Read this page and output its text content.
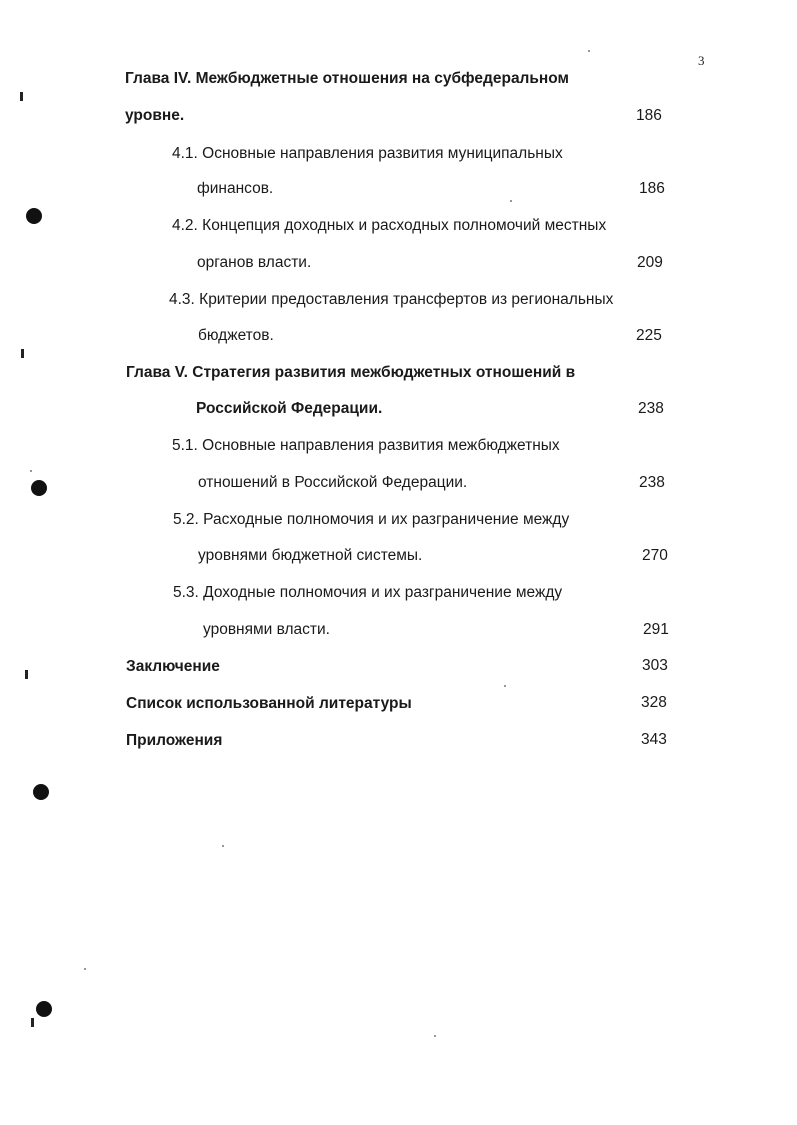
3
Глава IV. Межбюджетные отношения на субфедеральном
уровне.	186
4.1. Основные направления развития муниципальных
финансов.	186
4.2. Концепция доходных и расходных полномочий местных
органов власти.	209
4.3. Критерии предоставления трансфертов из региональных
бюджетов.	225
Глава V. Стратегия развития межбюджетных отношений в
Российской Федерации.	238
5.1. Основные направления развития межбюджетных
отношений в Российской Федерации.	238
5.2. Расходные полномочия и их разграничение между
уровнями бюджетной системы.	270
5.3. Доходные полномочия и их разграничение между
уровнями власти.	291
Заключение	303
Список использованной литературы	328
Приложения	343
